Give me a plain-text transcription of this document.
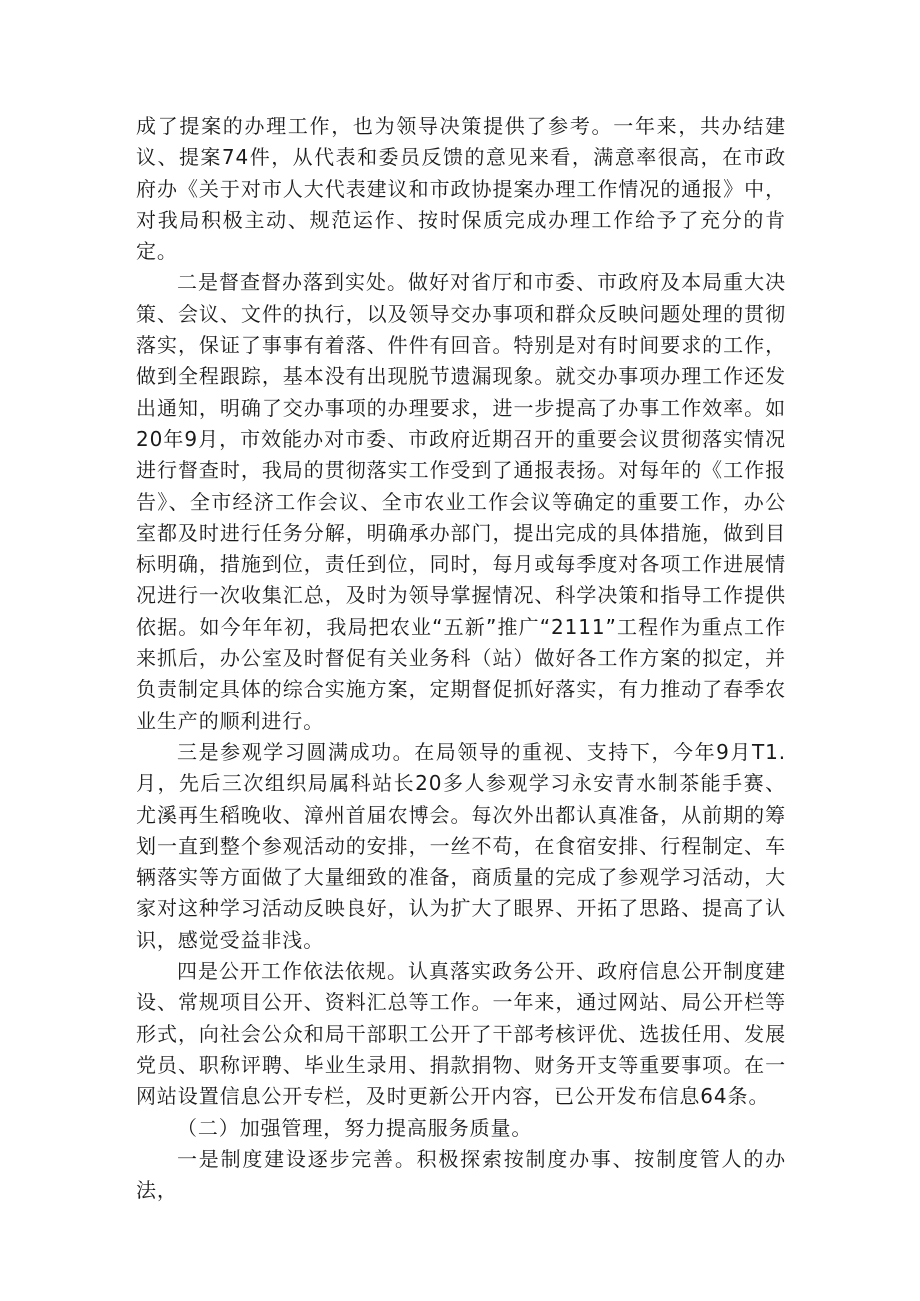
成了提案的办理工作，也为领导决策提供了参考。一年来，共办结建议、提案74件，从代表和委员反馈的意见来看，满意率很高，在市政府办《关于对市人大代表建议和市政协提案办理工作情况的通报》中，对我局积极主动、规范运作、按时保质完成办理工作给予了充分的肯定。

二是督查督办落到实处。做好对省厅和市委、市政府及本局重大决策、会议、文件的执行，以及领导交办事项和群众反映问题处理的贯彻落实，保证了事事有着落、件件有回音。特别是对有时间要求的工作，做到全程跟踪，基本没有出现脱节遗漏现象。就交办事项办理工作还发出通知，明确了交办事项的办理要求，进一步提高了办事工作效率。如20年9月，市效能办对市委、市政府近期召开的重要会议贯彻落实情况进行督查时，我局的贯彻落实工作受到了通报表扬。对每年的《工作报告》、全市经济工作会议、全市农业工作会议等确定的重要工作，办公室都及时进行任务分解，明确承办部门，提出完成的具体措施，做到目标明确，措施到位，责任到位，同时，每月或每季度对各项工作进展情况进行一次收集汇总，及时为领导掌握情况、科学决策和指导工作提供依据。如今年年初，我局把农业“五新”推广“2111”工程作为重点工作来抓后，办公室及时督促有关业务科（站）做好各工作方案的拟定，并负责制定具体的综合实施方案，定期督促抓好落实，有力推动了春季农业生产的顺利进行。

三是参观学习圆满成功。在局领导的重视、支持下，今年9月T1.月，先后三次组织局属科站长20多人参观学习永安青水制茶能手赛、尤溪再生稻晚收、漳州首届农博会。每次外出都认真准备，从前期的筹划一直到整个参观活动的安排，一丝不苟，在食宿安排、行程制定、车辆落实等方面做了大量细致的准备，商质量的完成了参观学习活动，大家对这种学习活动反映良好，认为扩大了眼界、开拓了思路、提高了认识，感觉受益非浅。

四是公开工作依法依规。认真落实政务公开、政府信息公开制度建设、常规项目公开、资料汇总等工作。一年来，通过网站、局公开栏等形式，向社会公众和局干部职工公开了干部考核评优、选拔任用、发展党员、职称评聘、毕业生录用、捐款捐物、财务开支等重要事项。在一网站设置信息公开专栏，及时更新公开内容，已公开发布信息64条。

（二）加强管理，努力提高服务质量。

一是制度建设逐步完善。积极探索按制度办事、按制度管人的办法，
